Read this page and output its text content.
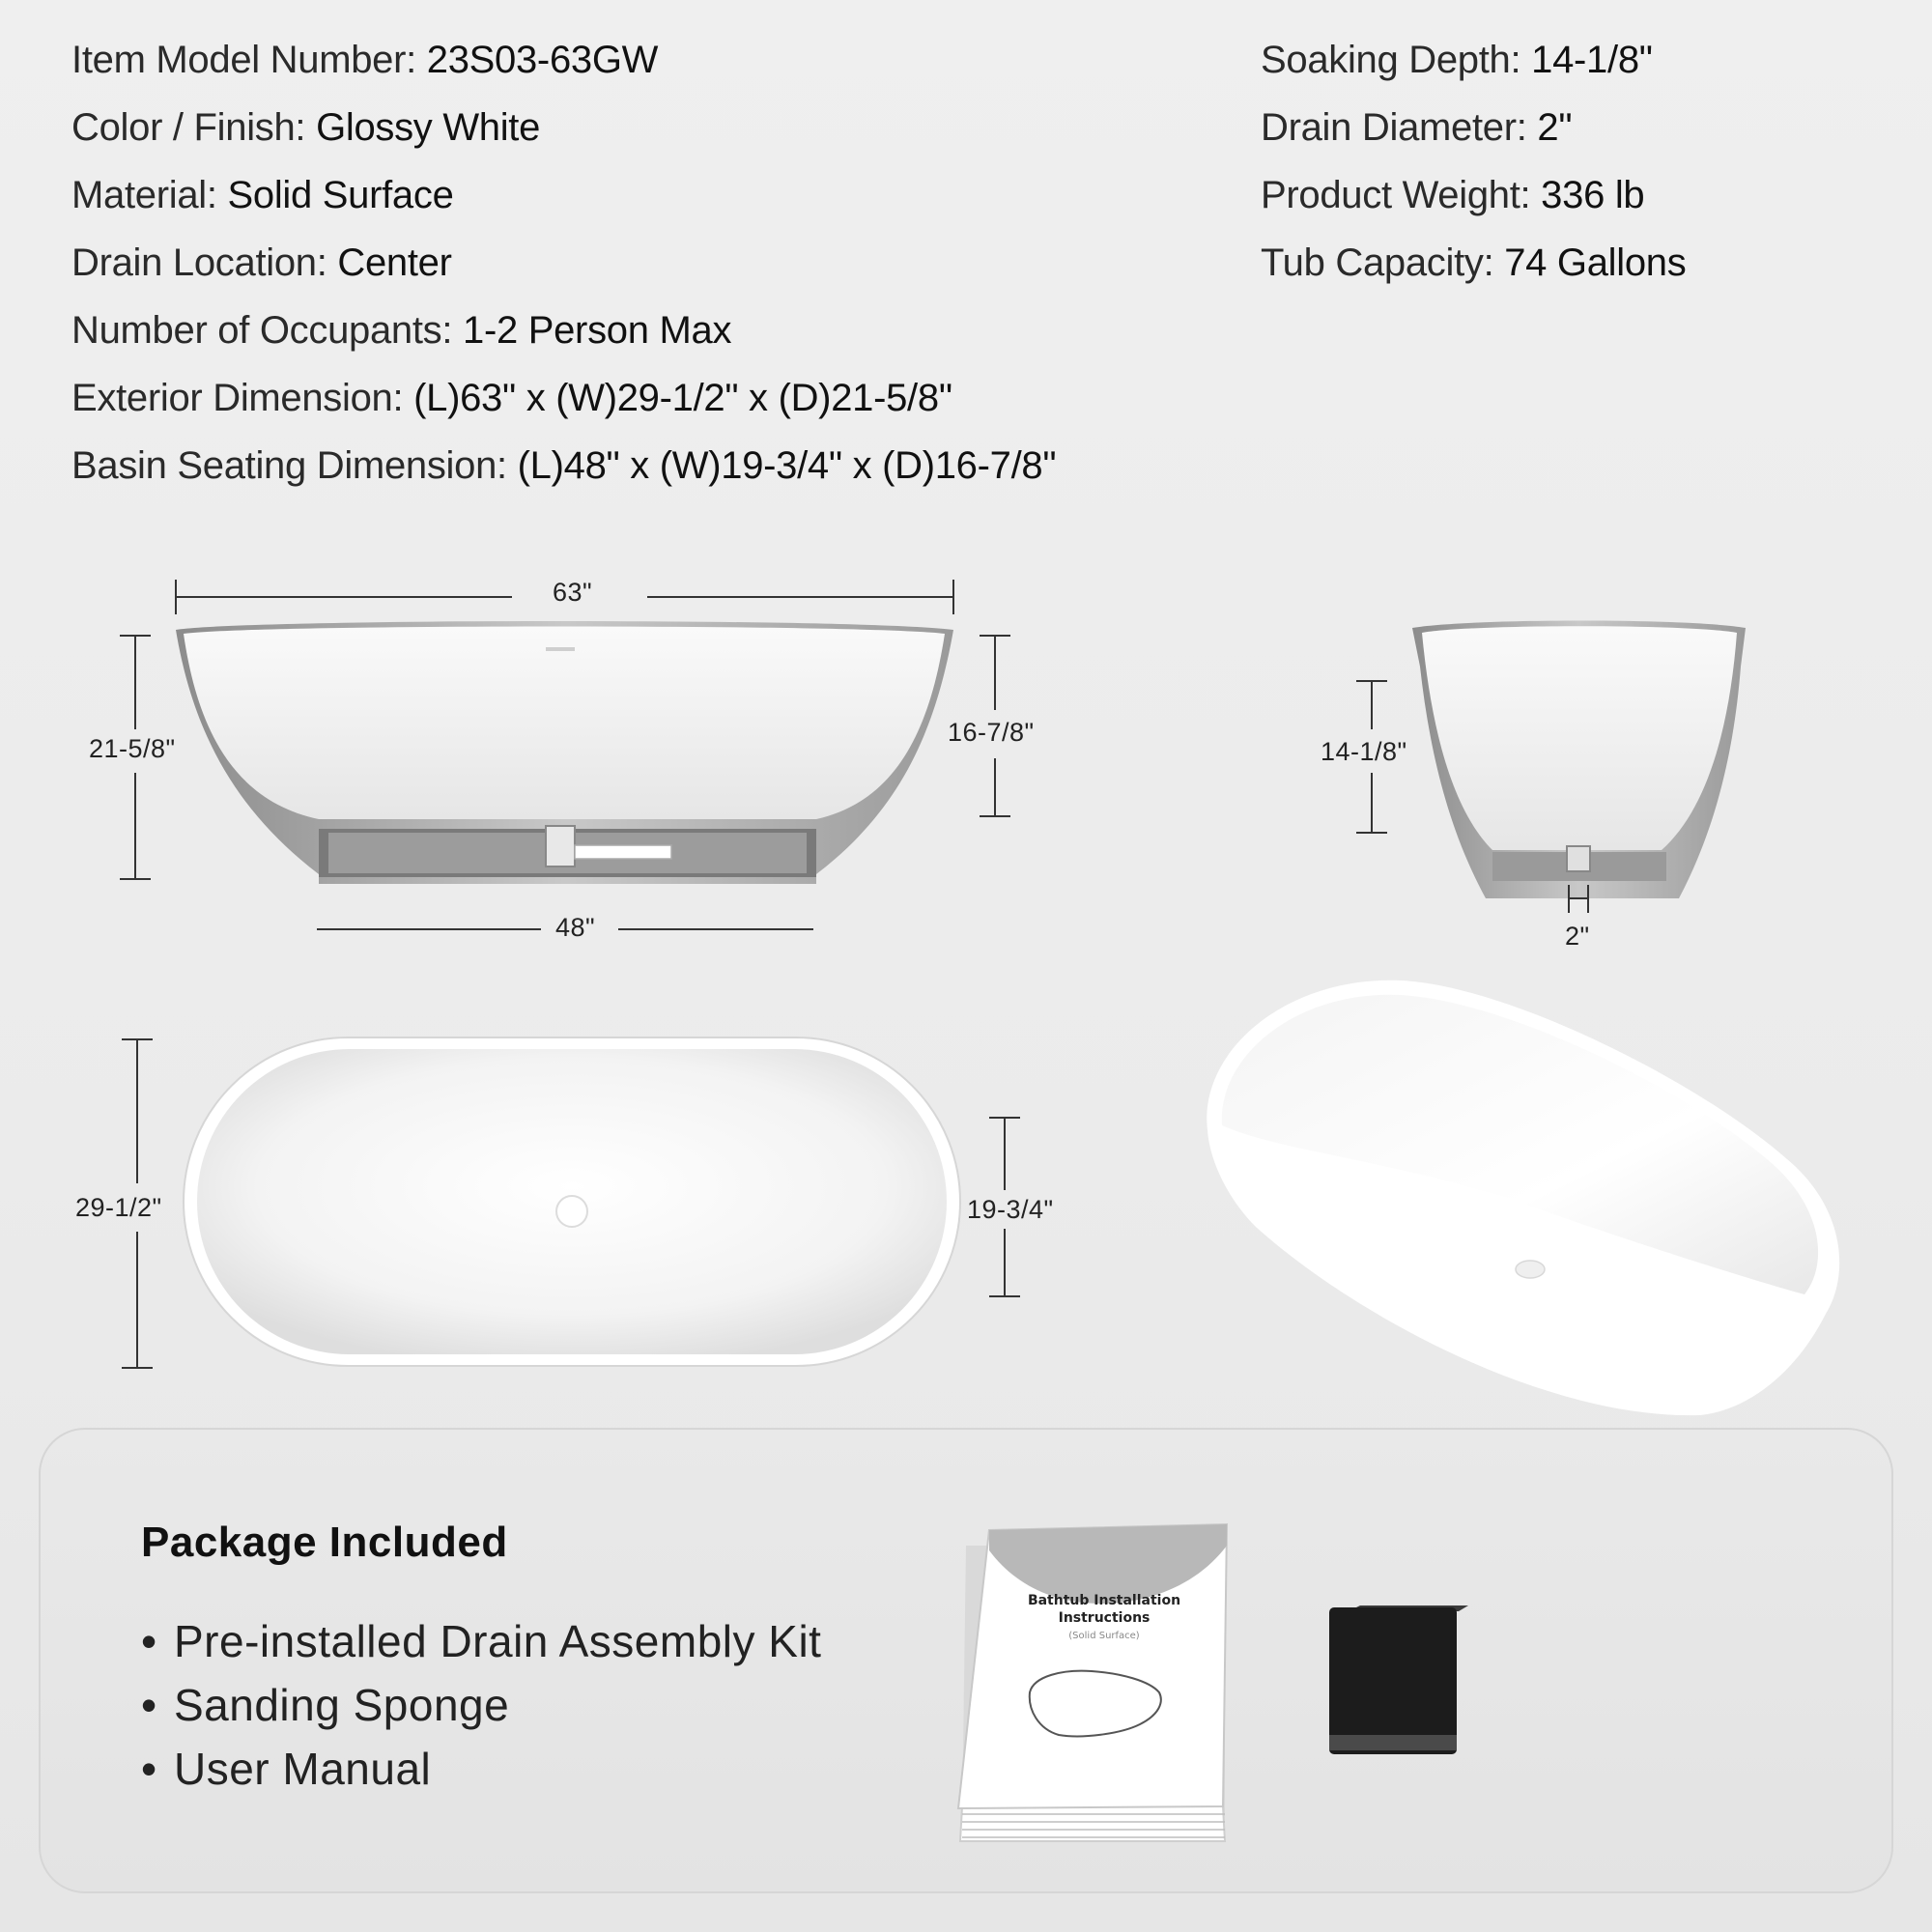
Item Model Number: 23S03-63GW
Color / Finish: Glossy White
Material: Solid Surface
Drain Location: Center
Number of Occupants: 1-2 Person Max
Exterior Dimension: (L)63" x (W)29-1/2" x (D)21-5/8"
Basin Seating Dimension: (L)48" x (W)19-3/4" x (D)16-7/8"
Soaking Depth: 14-1/8"
Drain Diameter: 2"
Product Weight: 336 lb
Tub Capacity: 74 Gallons
63"
21-5/8"
16-7/8"
48"
14-1/8"
2"
29-1/2"	19-3/4"
Package Included
• Pre-installed Drain Assembly Kit
• Sanding Sponge
• User Manual
Bathtub Installation
Instructions
(Solid Surface)
